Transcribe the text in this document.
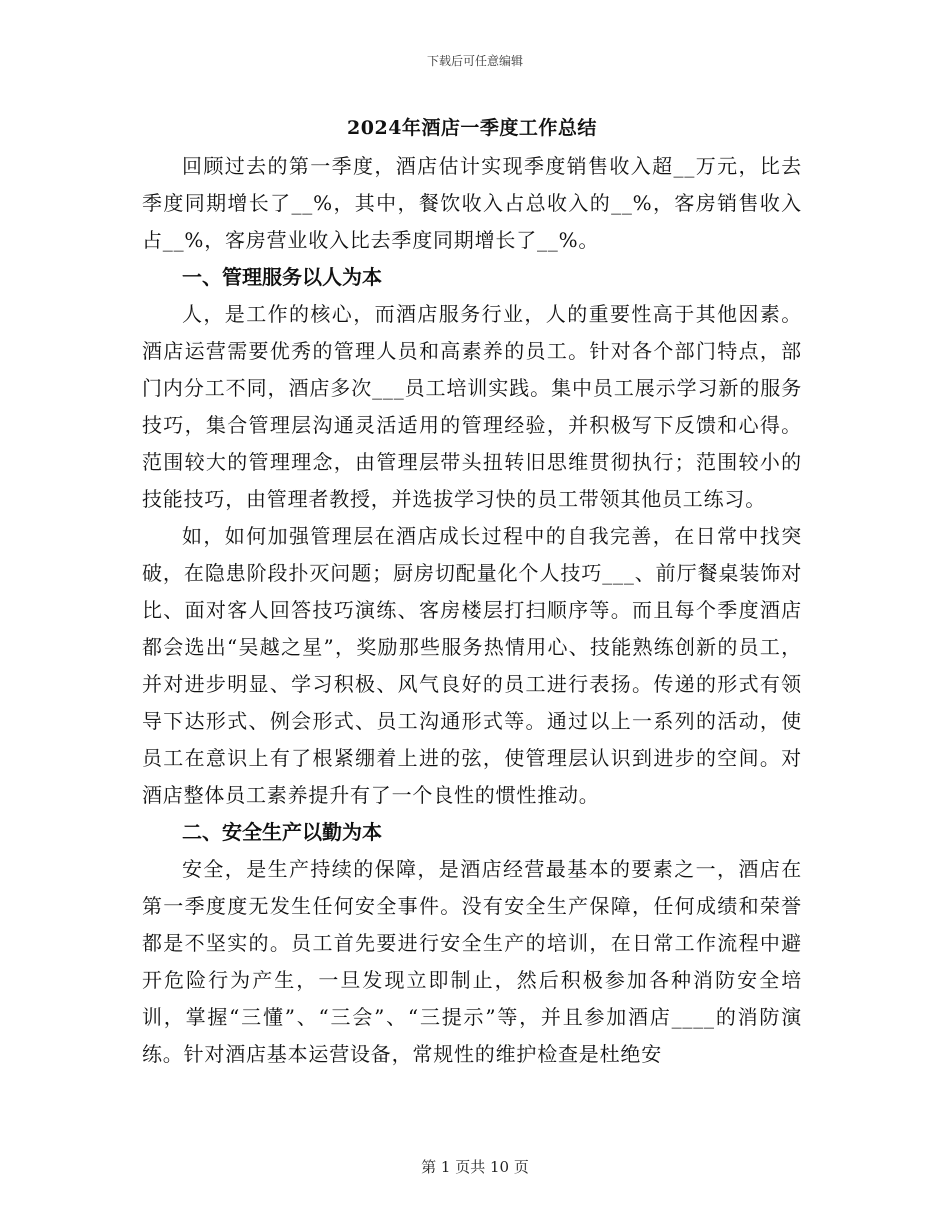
下载后可任意编辑
2024年酒店一季度工作总结

回顾过去的第一季度，酒店估计实现季度销售收入超__万元，比去季度同期增长了__%，其中，餐饮收入占总收入的__%，客房销售收入占__%，客房营业收入比去季度同期增长了__%。

一、管理服务以人为本

人，是工作的核心，而酒店服务行业，人的重要性高于其他因素。酒店运营需要优秀的管理人员和高素养的员工。针对各个部门特点，部门内分工不同，酒店多次___员工培训实践。集中员工展示学习新的服务技巧，集合管理层沟通灵活适用的管理经验，并积极写下反馈和心得。范围较大的管理理念，由管理层带头扭转旧思维贯彻执行；范围较小的技能技巧，由管理者教授，并选拔学习快的员工带领其他员工练习。

如，如何加强管理层在酒店成长过程中的自我完善，在日常中找突破，在隐患阶段扑灭问题；厨房切配量化个人技巧___、前厅餐桌装饰对比、面对客人回答技巧演练、客房楼层打扫顺序等。而且每个季度酒店都会选出“吴越之星”，奖励那些服务热情用心、技能熟练创新的员工，并对进步明显、学习积极、风气良好的员工进行表扬。传递的形式有领导下达形式、例会形式、员工沟通形式等。通过以上一系列的活动，使员工在意识上有了根紧绷着上进的弦，使管理层认识到进步的空间。对酒店整体员工素养提升有了一个良性的惯性推动。

二、安全生产以勤为本

安全，是生产持续的保障，是酒店经营最基本的要素之一，酒店在第一季度度无发生任何安全事件。没有安全生产保障，任何成绩和荣誉都是不坚实的。员工首先要进行安全生产的培训，在日常工作流程中避开危险行为产生，一旦发现立即制止，然后积极参加各种消防安全培训，掌握“三懂”、“三会”、“三提示”等，并且参加酒店____的消防演练。针对酒店基本运营设备，常规性的维护检查是杜绝安

第 1 页共 10 页
